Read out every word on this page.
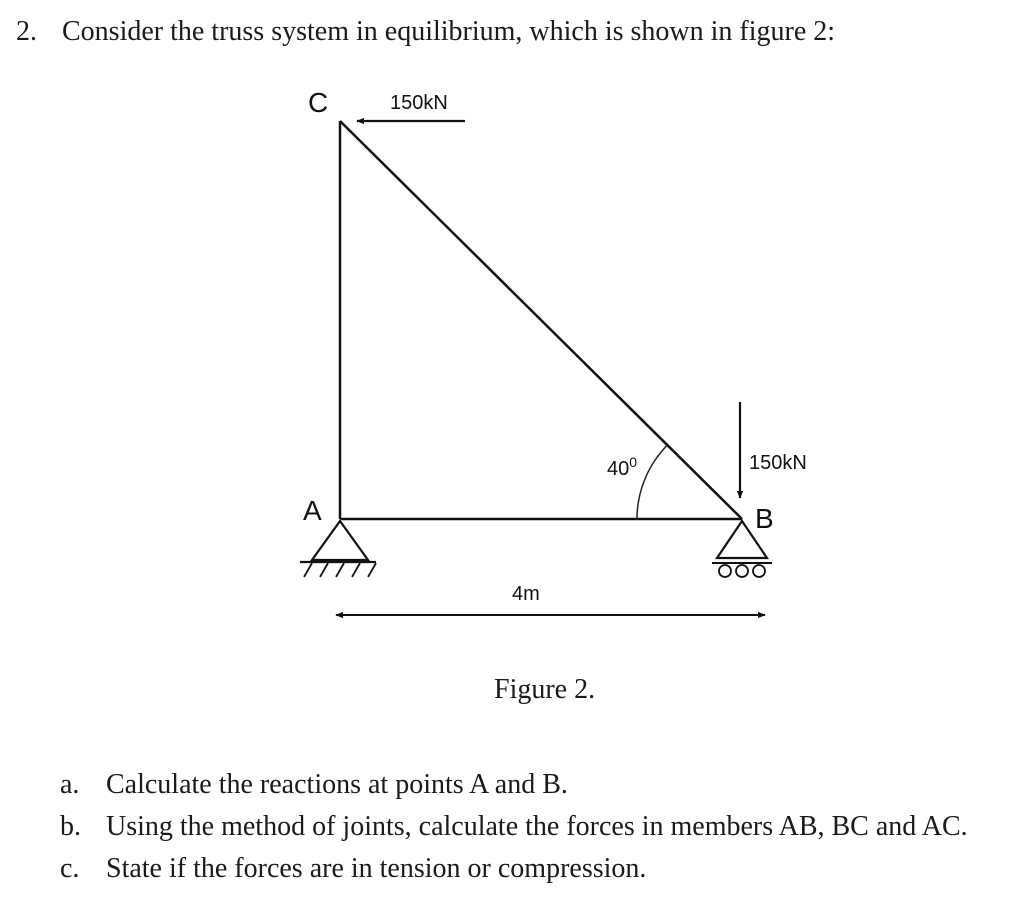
2. Consider the truss system in equilibrium, which is shown in figure 2:
C
A	B
150kN
150kN
$40^0$
4m
Figure 2.
a. Calculate the reactions at points A and B.
b. Using the method of joints, calculate the forces in members AB, BC and AC.
c. State if the forces are in tension or compression.
